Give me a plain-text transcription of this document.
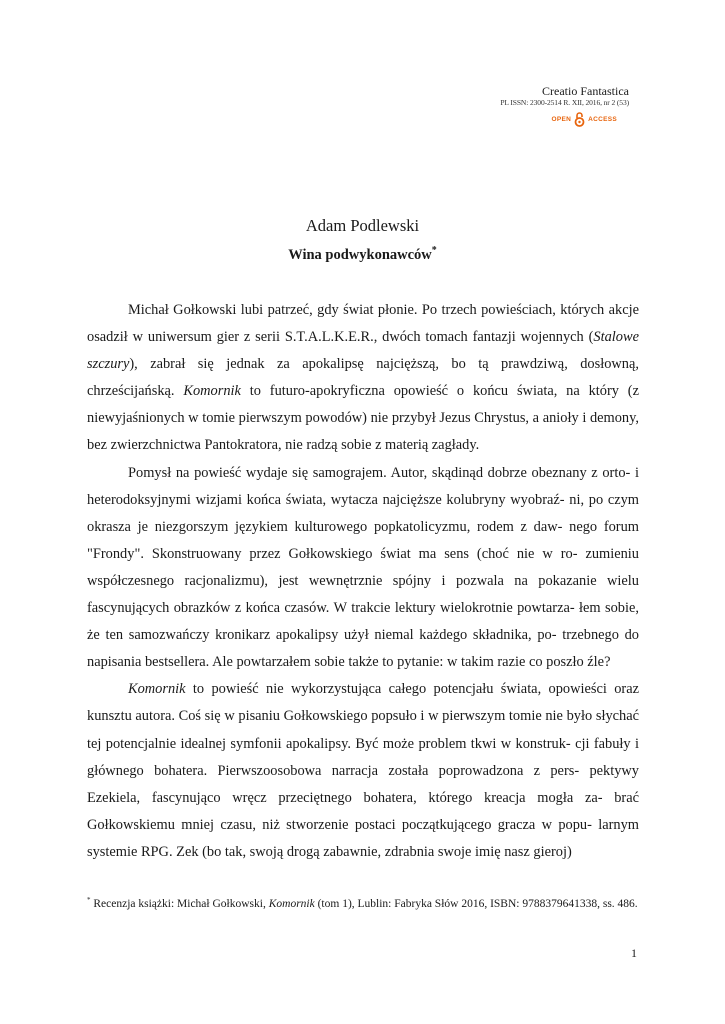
Creatio Fantastica
PL ISSN: 2300-2514 R. XII, 2016, nr 2 (53)
OPEN	ACCESS
Adam Podlewski
Wina podwykonawców*

Michał Gołkowski lubi patrzeć, gdy świat płonie. Po trzech powieściach, których akcje osadził w uniwersum gier z serii S.T.A.L.K.E.R., dwóch tomach fantazji wojennych (Stalowe szczury), zabrał się jednak za apokalipsę najcięższą, bo tą prawdziwą, dosłowną, chrześcijańską. Komornik to futuro-apokryficzna opowieść o końcu świata, na który (z niewyjaśnionych w tomie pierwszym powodów) nie przybył Jezus Chrystus, a anioły i demony, bez zwierzchnictwa Pantokratora, nie radzą sobie z materią zagłady.

Pomysł na powieść wydaje się samograjem. Autor, skądinąd dobrze obeznany z orto- i heterodoksyjnymi wizjami końca świata, wytacza najcięższe kolubryny wyobraź- ni, po czym okrasza je niezgorszym językiem kulturowego popkatolicyzmu, rodem z daw- nego forum "Frondy". Skonstruowany przez Gołkowskiego świat ma sens (choć nie w ro- zumieniu współczesnego racjonalizmu), jest wewnętrznie spójny i pozwala na pokazanie wielu fascynujących obrazków z końca czasów. W trakcie lektury wielokrotnie powtarza- łem sobie, że ten samozwańczy kronikarz apokalipsy użył niemal każdego składnika, po- trzebnego do napisania bestsellera. Ale powtarzałem sobie także to pytanie: w takim razie co poszło źle?

Komornik to powieść nie wykorzystująca całego potencjału świata, opowieści oraz kunsztu autora. Coś się w pisaniu Gołkowskiego popsuło i w pierwszym tomie nie było słychać tej potencjalnie idealnej symfonii apokalipsy. Być może problem tkwi w konstruk- cji fabuły i głównego bohatera. Pierwszoosobowa narracja została poprowadzona z pers- pektywy Ezekiela, fascynująco wręcz przeciętnego bohatera, którego kreacja mogła za- brać Gołkowskiemu mniej czasu, niż stworzenie postaci początkującego gracza w popu- larnym systemie RPG. Zek (bo tak, swoją drogą zabawnie, zdrabnia swoje imię nasz gieroj)

* Recenzja książki: Michał Gołkowski, Komornik (tom 1), Lublin: Fabryka Słów 2016, ISBN: 9788379641338, ss. 486.
1
